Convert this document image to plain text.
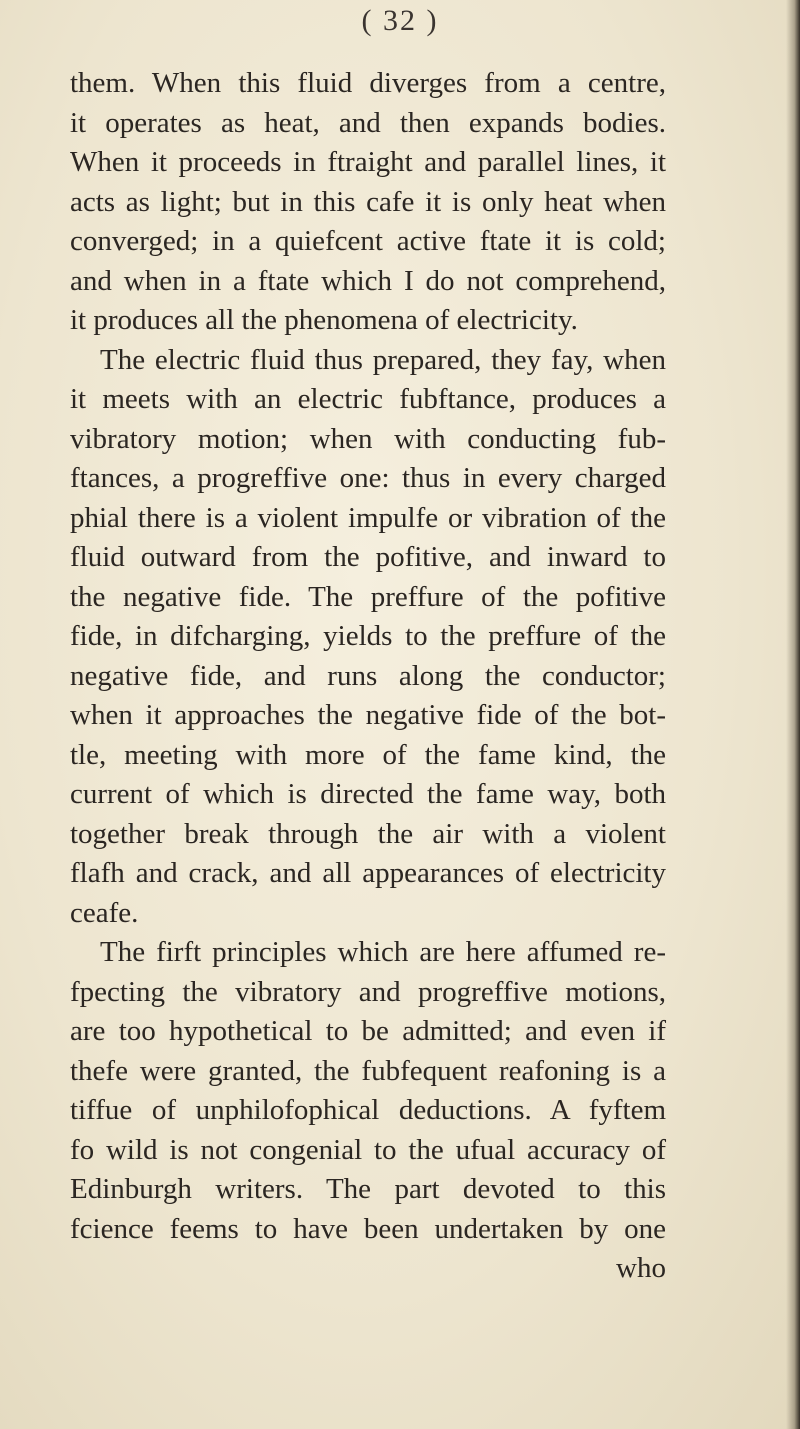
( 32 )
them. When this fluid diverges from a centre,
it operates as heat, and then expands bodies.
When it proceeds in ftraight and parallel lines, it
acts as light; but in this cafe it is only heat when
converged; in a quiefcent active ftate it is cold;
and when in a ftate which I do not comprehend,
it produces all the phenomena of electricity.
The electric fluid thus prepared, they fay, when
it meets with an electric fubftance, produces a
vibratory motion; when with conducting fub-
ftances, a progreffive one: thus in every charged
phial there is a violent impulfe or vibration of the
fluid outward from the pofitive, and inward to
the negative fide. The preffure of the pofitive
fide, in difcharging, yields to the preffure of the
negative fide, and runs along the conductor;
when it approaches the negative fide of the bot-
tle, meeting with more of the fame kind, the
current of which is directed the fame way, both
together break through the air with a violent
flafh and crack, and all appearances of electricity
ceafe.
The firft principles which are here affumed re-
fpecting the vibratory and progreffive motions,
are too hypothetical to be admitted; and even if
thefe were granted, the fubfequent reafoning is a
tiffue of unphilofophical deductions. A fyftem
fo wild is not congenial to the ufual accuracy of
Edinburgh writers. The part devoted to this
fcience feems to have been undertaken by one
who
